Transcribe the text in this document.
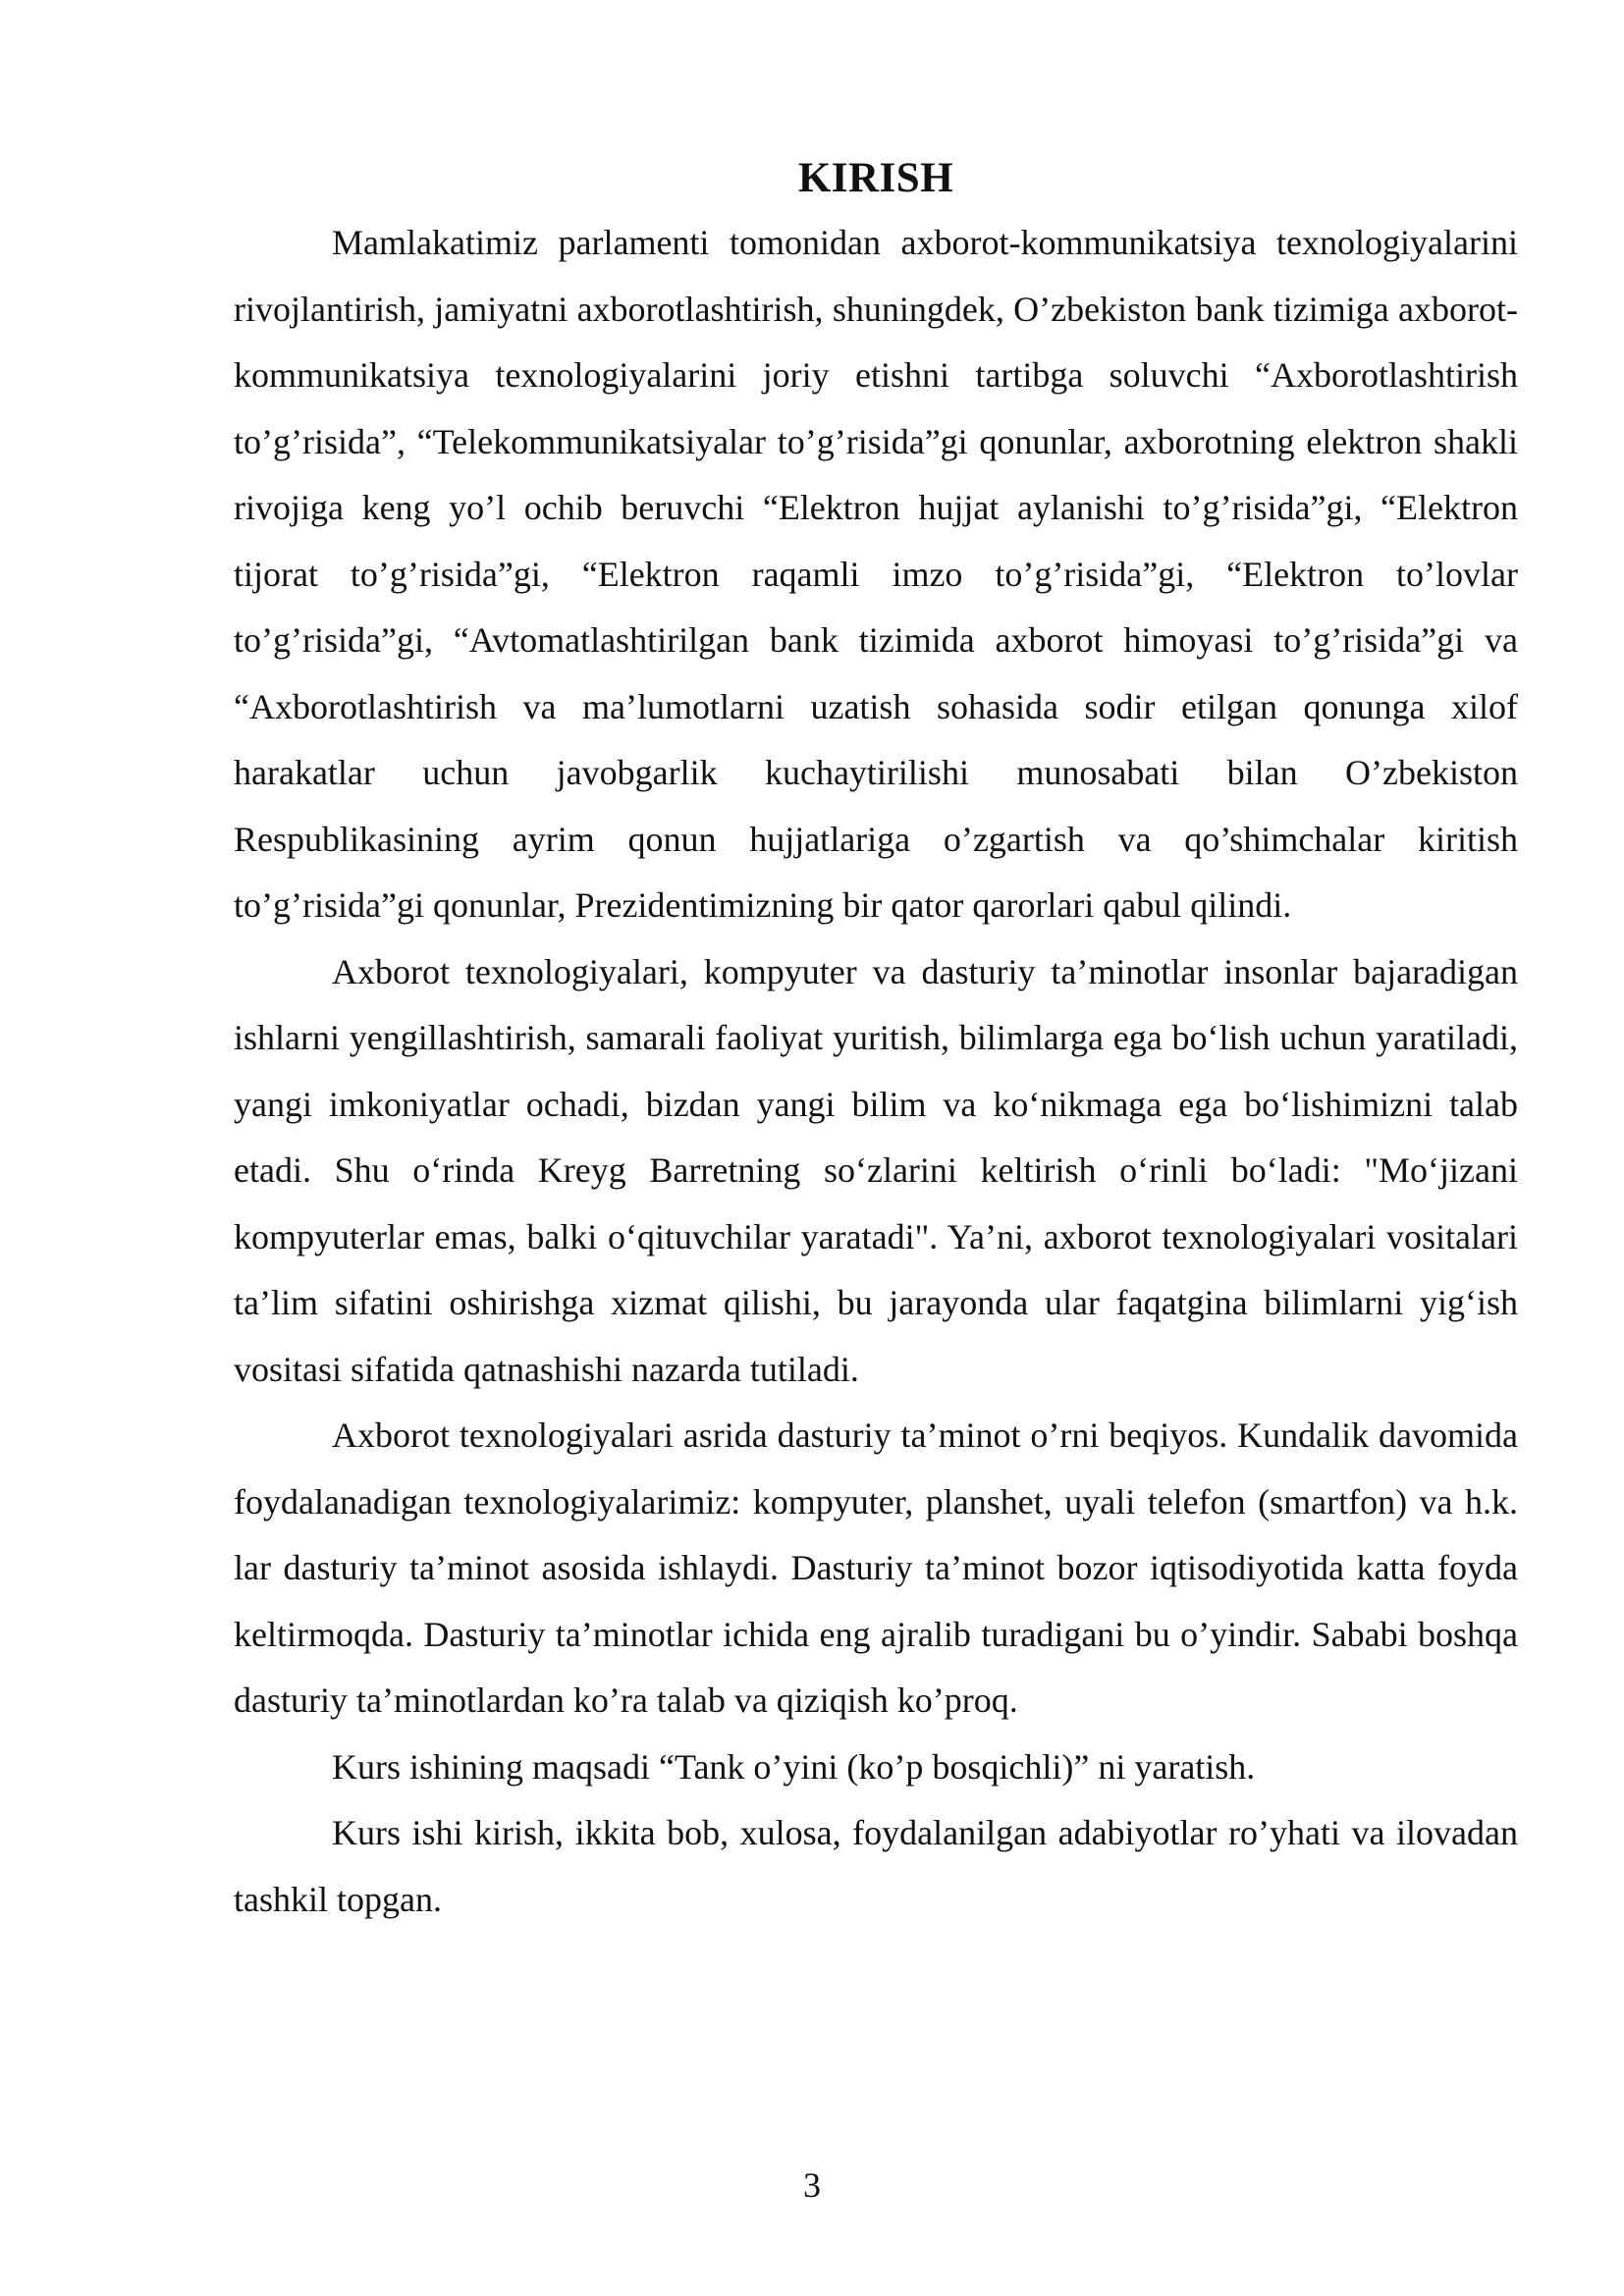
KIRISH

Mamlakatimiz parlamenti tomonidan axborot-kommunikatsiya texnologiyalarini rivojlantirish, jamiyatni axborotlashtirish, shuningdek, O’zbekiston bank tizimiga axborot-kommunikatsiya texnologiyalarini joriy etishni tartibga soluvchi “Axborotlashtirish to’g’risida”, “Telekommunikatsiyalar to’g’risida”gi qonunlar, axborotning elektron shakli rivojiga keng yo’l ochib beruvchi “Elektron hujjat aylanishi to’g’risida”gi, “Elektron tijorat to’g’risida”gi, “Elektron raqamli imzo to’g’risida”gi, “Elektron to’lovlar to’g’risida”gi, “Avtomatlashtirilgan bank tizimida axborot himoyasi to’g’risida”gi va “Axborotlashtirish va ma’lumotlarni uzatish sohasida sodir etilgan qonunga xilof harakatlar uchun javobgarlik kuchaytirilishi munosabati bilan O’zbekiston Respublikasining ayrim qonun hujjatlariga o’zgartish va qo’shimchalar kiritish to’g’risida”gi qonunlar, Prezidentimizning bir qator qarorlari qabul qilindi.

Axborot texnologiyalari, kompyuter va dasturiy ta’minotlar insonlar bajaradigan ishlarni yengillashtirish, samarali faoliyat yuritish, bilimlarga ega bo‘lish uchun yaratiladi, yangi imkoniyatlar ochadi, bizdan yangi bilim va ko‘nikmaga ega bo‘lishimizni talab etadi. Shu o‘rinda Kreyg Barretning so‘zlarini keltirish o‘rinli bo‘ladi: "Mo‘jizani kompyuterlar emas, balki o‘qituvchilar yaratadi". Ya’ni, axborot texnologiyalari vositalari ta’lim sifatini oshirishga xizmat qilishi, bu jarayonda ular faqatgina bilimlarni yig‘ish vositasi sifatida qatnashishi nazarda tutiladi.

Axborot texnologiyalari asrida dasturiy ta’minot o’rni beqiyos. Kundalik davomida foydalanadigan texnologiyalarimiz: kompyuter, planshet, uyali telefon (smartfon) va h.k. lar dasturiy ta’minot asosida ishlaydi. Dasturiy ta’minot bozor iqtisodiyotida katta foyda keltirmoqda. Dasturiy ta’minotlar ichida eng ajralib turadigani bu o’yindir. Sababi boshqa dasturiy ta’minotlardan ko’ra talab va qiziqish ko’proq.

Kurs ishining maqsadi “Tank o’yini (ko’p bosqichli)” ni yaratish.

Kurs ishi kirish, ikkita bob, xulosa, foydalanilgan adabiyotlar ro’yhati va ilovadan tashkil topgan.

3
